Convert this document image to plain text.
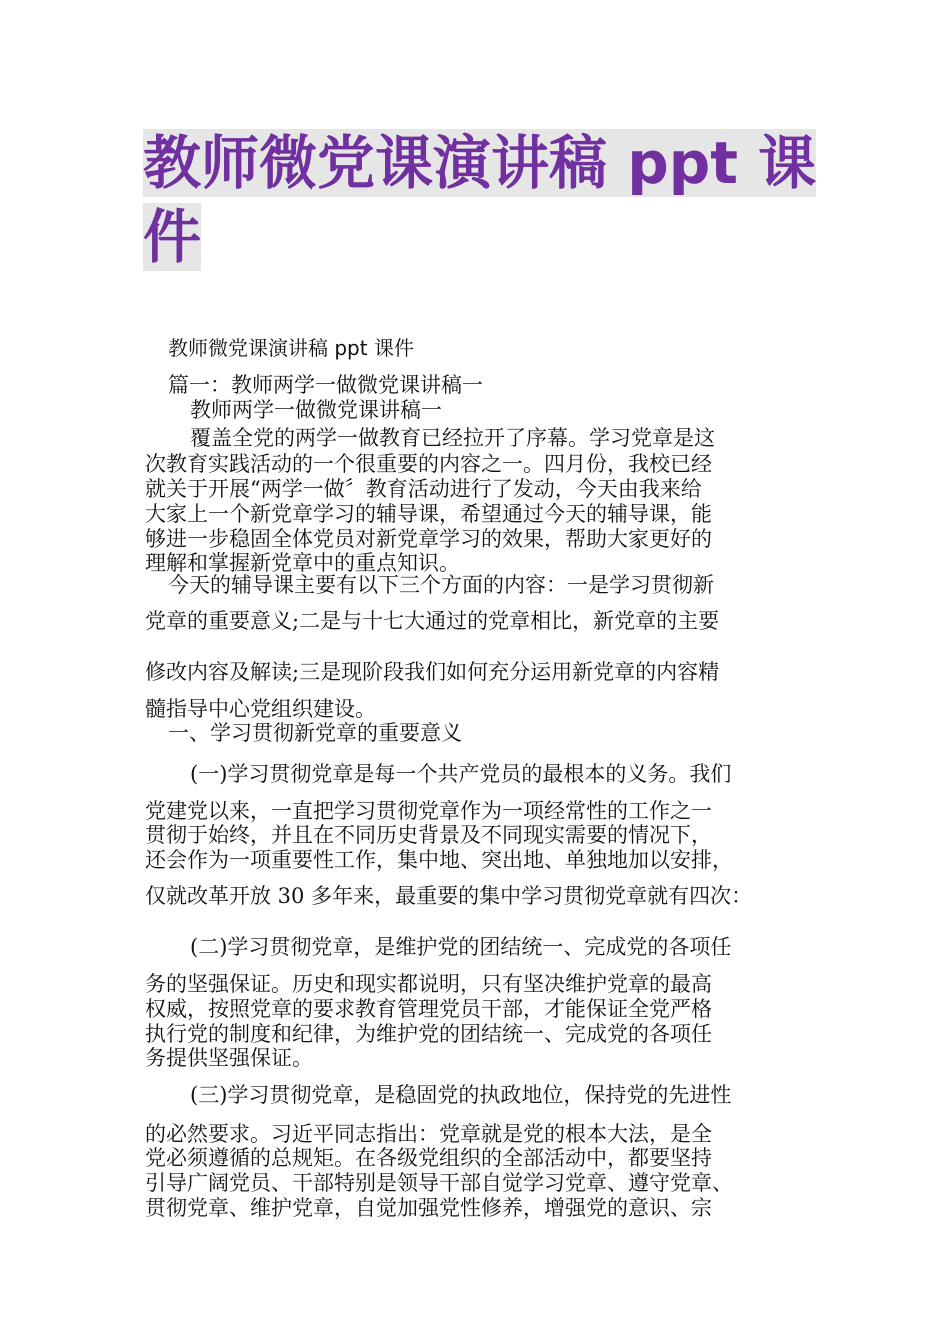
教师微党课演讲稿 ppt 课
件

教师微党课演讲稿 ppt 课件

篇一：教师两学一做微党课讲稿一

教师两学一做微党课讲稿一

覆盖全党的两学一做教育已经拉开了序幕。学习党章是这

次教育实践活动的一个很重要的内容之一。四月份，我校已经

就关于开展“两学一做〞教育活动进行了发动，今天由我来给

大家上一个新党章学习的辅导课，希望通过今天的辅导课，能

够进一步稳固全体党员对新党章学习的效果，帮助大家更好的

理解和掌握新党章中的重点知识。

今天的辅导课主要有以下三个方面的内容：一是学习贯彻新

党章的重要意义;二是与十七大通过的党章相比，新党章的主要

修改内容及解读;三是现阶段我们如何充分运用新党章的内容精

髓指导中心党组织建设。

一、学习贯彻新党章的重要意义

(一)学习贯彻党章是每一个共产党员的最根本的义务。我们

党建党以来，一直把学习贯彻党章作为一项经常性的工作之一

贯彻于始终，并且在不同历史背景及不同现实需要的情况下，

还会作为一项重要性工作，集中地、突出地、单独地加以安排，

仅就改革开放 30 多年来，最重要的集中学习贯彻党章就有四次：

(二)学习贯彻党章，是维护党的团结统一、完成党的各项任

务的坚强保证。历史和现实都说明，只有坚决维护党章的最高

权威，按照党章的要求教育管理党员干部，才能保证全党严格

执行党的制度和纪律，为维护党的团结统一、完成党的各项任

务提供坚强保证。

(三)学习贯彻党章，是稳固党的执政地位，保持党的先进性

的必然要求。习近平同志指出：党章就是党的根本大法，是全

党必须遵循的总规矩。在各级党组织的全部活动中，都要坚持

引导广阔党员、干部特别是领导干部自觉学习党章、遵守党章、

贯彻党章、维护党章，自觉加强党性修养，增强党的意识、宗
